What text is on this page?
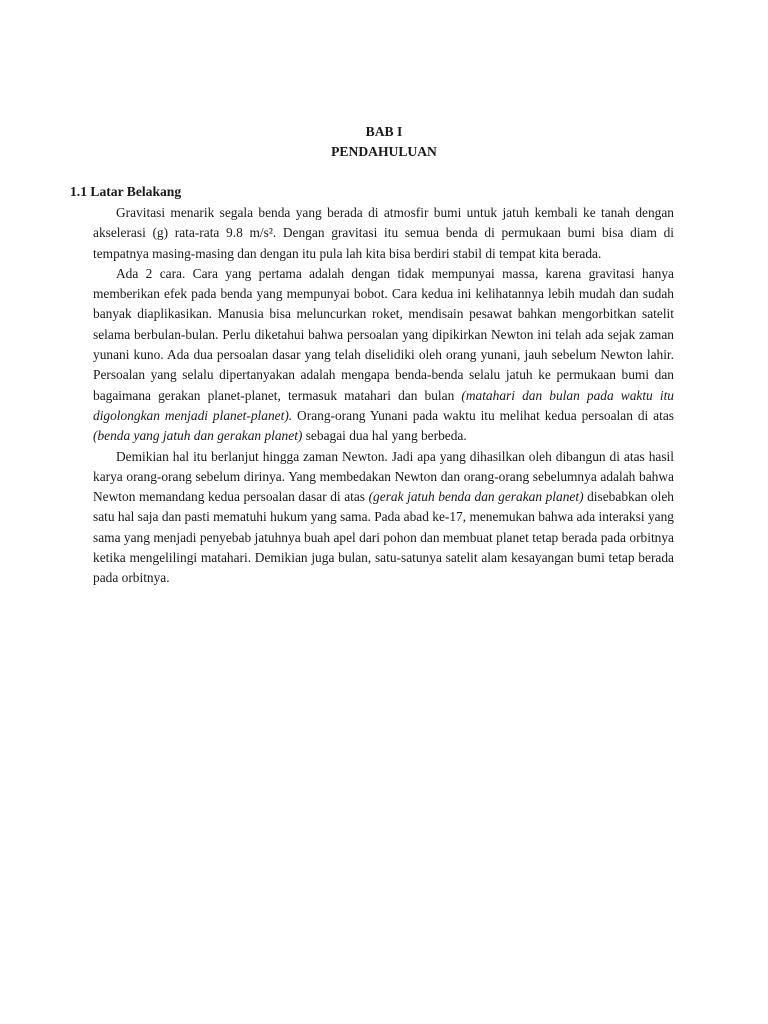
BAB I
PENDAHULUAN
1.1 Latar Belakang

Gravitasi menarik segala benda yang berada di atmosfir bumi untuk jatuh kembali ke tanah dengan akselerasi (g) rata-rata 9.8 m/s². Dengan gravitasi itu semua benda di permukaan bumi bisa diam di tempatnya masing-masing dan dengan itu pula lah kita bisa berdiri stabil di tempat kita berada.

Ada 2 cara. Cara yang pertama adalah dengan tidak mempunyai massa, karena gravitasi hanya memberikan efek pada benda yang mempunyai bobot. Cara kedua ini kelihatannya lebih mudah dan sudah banyak diaplikasikan. Manusia bisa meluncurkan roket, mendisain pesawat bahkan mengorbitkan satelit selama berbulan-bulan. Perlu diketahui bahwa persoalan yang dipikirkan Newton ini telah ada sejak zaman yunani kuno. Ada dua persoalan dasar yang telah diselidiki oleh orang yunani, jauh sebelum Newton lahir. Persoalan yang selalu dipertanyakan adalah mengapa benda-benda selalu jatuh ke permukaan bumi dan bagaimana gerakan planet-planet, termasuk matahari dan bulan (matahari dan bulan pada waktu itu digolongkan menjadi planet-planet). Orang-orang Yunani pada waktu itu melihat kedua persoalan di atas (benda yang jatuh dan gerakan planet) sebagai dua hal yang berbeda.

Demikian hal itu berlanjut hingga zaman Newton. Jadi apa yang dihasilkan oleh dibangun di atas hasil karya orang-orang sebelum dirinya. Yang membedakan Newton dan orang-orang sebelumnya adalah bahwa Newton memandang kedua persoalan dasar di atas (gerak jatuh benda dan gerakan planet) disebabkan oleh satu hal saja dan pasti mematuhi hukum yang sama. Pada abad ke-17, menemukan bahwa ada interaksi yang sama yang menjadi penyebab jatuhnya buah apel dari pohon dan membuat planet tetap berada pada orbitnya ketika mengelilingi matahari. Demikian juga bulan, satu-satunya satelit alam kesayangan bumi tetap berada pada orbitnya.
